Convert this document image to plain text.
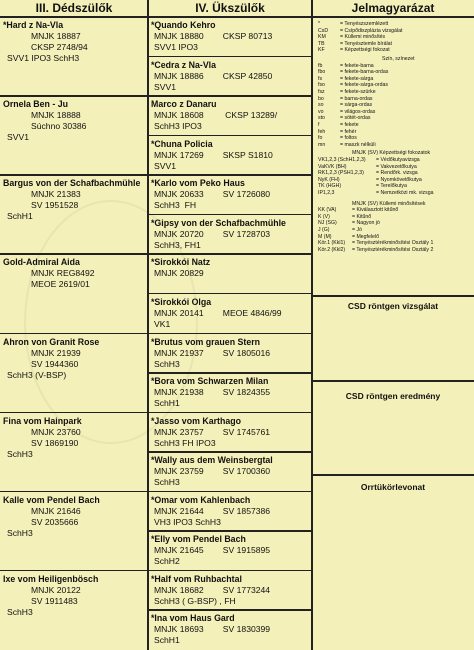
III. Dédszülők	IV. Ükszülők	Jelmagyarázat
*Hard z Na-Vla
MNJK 18887
CKSP 2748/94
SVV1 IPO3 SchH3
Ornela Ben - Ju
MNJK 18888
Súchno 30386
SVV1
Bargus von der Schafbachmühle
MNJK 21383
SV 1951528
SchH1
Gold-Admiral Aida
MNJK REG8492
MEOE 2619/01
Ahron von Granit Rose
MNJK 21939
SV 1944360
SchH3 (V-BSP)
Fina vom Hainpark
MNJK 23760
SV 1869190
SchH3
Kalle vom Pendel Bach
MNJK 21646
SV 2035666
SchH3
Ixe vom Heiligenbösch
MNJK 20122
SV 1911483
SchH3
*Quando Kehro
MNJK 18880        CKSP 80713
SVV1 IPO3
*Cedra z Na-Vla
MNJK 18886        CKSP 42850
SVV1
Marco z Danaru
MNJK 18608         CKSP 13289/
SchH3 IPO3
*Chuna Policia
MNJK 17269        SKSP S1810
SVV1
*Karlo vom Peko Haus
MNJK 20633        SV 1726080
SchH3  FH
*Gipsy von der Schafbachmühle
MNJK 20720        SV 1728703
SchH3, FH1
*Sirokkói Natz
MNJK 20829
*Sirokkói Olga
MNJK 20141        MEOE 4846/99
VK1
*Brutus vom grauen Stern
MNJK 21937        SV 1805016
SchH3
*Bora vom Schwarzen Milan
MNJK 21938        SV 1824355
SchH1
*Jasso vom Karthago
MNJK 23757        SV 1745761
SchH3 FH IPO3
*Wally aus dem Weinsbergtal
MNJK 23759        SV 1700360
SchH3
*Omar vom Kahlenbach
MNJK 21644        SV 1857386
VH3 IPO3 SchH3
*Elly vom Pendel Bach
MNJK 21645        SV 1915895
SchH2
*Half vom Ruhbachtal
MNJK 18682        SV 1773244
SchH3 ( G-BSP) , FH
*Ina vom Haus Gard
MNJK 18693        SV 1830399
SchH1
*	= Tenyészszemlézett
CsD = Csípődiszplázia vizsgálat
KM	= Küllemi minősítés
TB	= Tenyésztemle bírálat
KF	= Képzettségi fokozat
Szín, színezet
fb	= fekete-barna
fbo	= fekete-barna-ordas
fs	= fekete-sárga
fso	= fekete-sárga-ordas
fsz	= fekete-szürke
bo	= barna-ordas
so	= sárga-ordas
vo	= világos-ordas
sto	= sötét-ordas
f	= fekete
feh	= fehér
fo	= foltos
mn	= maszk nélküli
MNJK (SV) Képzettségi fokozatok
VK1,2,3 (SchH1,2,3) = Védőkutyavizsga
VaKVK (BH)	= Vakvezetőkutya
RK1,2,3 (PSH1,2,3) = Rendőrk. vizsga
NyK (FH)	= Nyomkövetőkutya
TK (HGH)	= Terelőkutya
IP1,2,3	= Nemzetközi mk. vizsga
MNJK (SV) Küllemi minősítések
KK (VA)	= Kiválasztott kitűnő
K (V)	= Kitűnő
NJ (SG)	= Nagyon jó
J (G)	= Jó
M (M)	= Megfelelő
Kör.1 (Kkl1) = Tenyésztérékminősítési Osztály 1
Kör.2 (Kkl2) = Tenyésztérékminősítési Osztály 2
CSD röntgen vizsgálat
CSD röntgen eredmény
Orrtükörlevonat
